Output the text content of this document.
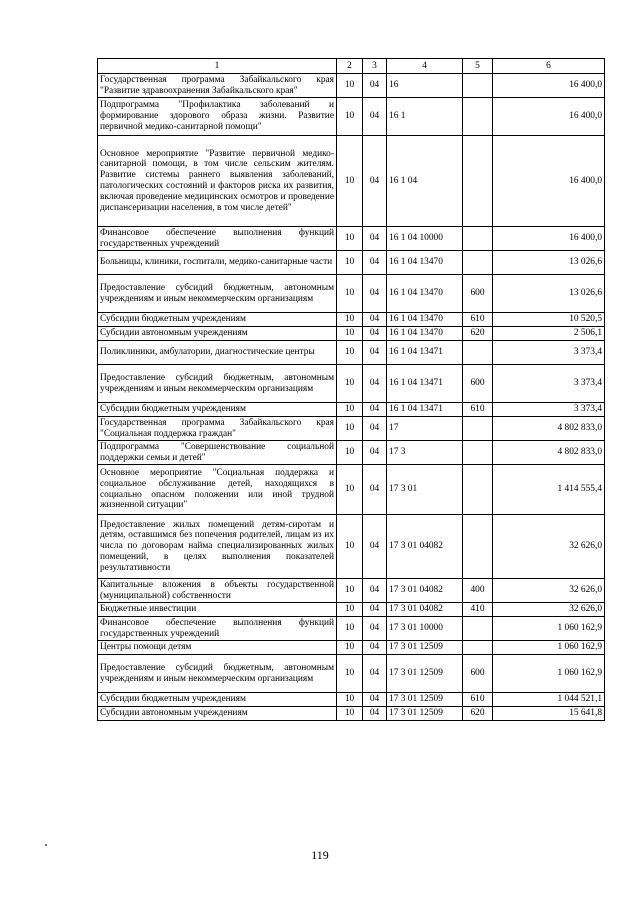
1	2	3	4	5	6
Государственная программа Забайкальского края "Развитие здравоохранения Забайкальского края"	10	04	16		16 400,0
Подпрограмма "Профилактика заболеваний и формирование здорового образа жизни. Развитие первичной медико-санитарной помощи"	10	04	16 1		16 400,0
Основное мероприятие "Развитие первичной медико-санитарной помощи, в том числе сельским жителям. Развитие системы раннего выявления заболеваний, патологических состояний и факторов риска их развития, включая проведение медицинских осмотров и проведение диспансеризации населения, в том числе детей"	10	04	16 1 04		16 400,0
Финансовое обеспечение выполнения функций государственных учреждений	10	04	16 1 04 10000		16 400,0
Больницы, клиники, госпитали, медико-санитарные части	10	04	16 1 04 13470		13 026,6
Предоставление субсидий бюджетным, автономным учреждениям и иным некоммерческим организациям	10	04	16 1 04 13470	600	13 026,6
Субсидии бюджетным учреждениям	10	04	16 1 04 13470	610	10 520,5
Субсидии автономным учреждениям	10	04	16 1 04 13470	620	2 506,1
Поликлиники, амбулатории, диагностические центры	10	04	16 1 04 13471		3 373,4
Предоставление субсидий бюджетным, автономным учреждениям и иным некоммерческим организациям	10	04	16 1 04 13471	600	3 373,4
Субсидии бюджетным учреждениям	10	04	16 1 04 13471	610	3 373,4
Государственная программа Забайкальского края "Социальная поддержка граждан"	10	04	17		4 802 833,0
Подпрограмма "Совершенствование социальной поддержки семьи и детей"	10	04	17 3		4 802 833,0
Основное мероприятие "Социальная поддержка и социальное обслуживание детей, находящихся в социально опасном положении или иной трудной жизненной ситуации"	10	04	17 3 01		1 414 555,4
Предоставление жилых помещений детям-сиротам и детям, оставшимся без попечения родителей, лицам из их числа по договорам найма специализированных жилых помещений, в целях выполнения показателей результативности	10	04	17 3 01 04082		32 626,0
Капитальные вложения в объекты государственной (муниципальной) собственности	10	04	17 3 01 04082	400	32 626,0
Бюджетные инвестиции	10	04	17 3 01 04082	410	32 626,0
Финансовое обеспечение выполнения функций государственных учреждений	10	04	17 3 01 10000		1 060 162,9
Центры помощи детям	10	04	17 3 01 12509		1 060 162,9
Предоставление субсидий бюджетным, автономным учреждениям и иным некоммерческим организациям	10	04	17 3 01 12509	600	1 060 162,9
Субсидии бюджетным учреждениям	10	04	17 3 01 12509	610	1 044 521,1
Субсидии автономным учреждениям	10	04	17 3 01 12509	620	15 641,8
119
